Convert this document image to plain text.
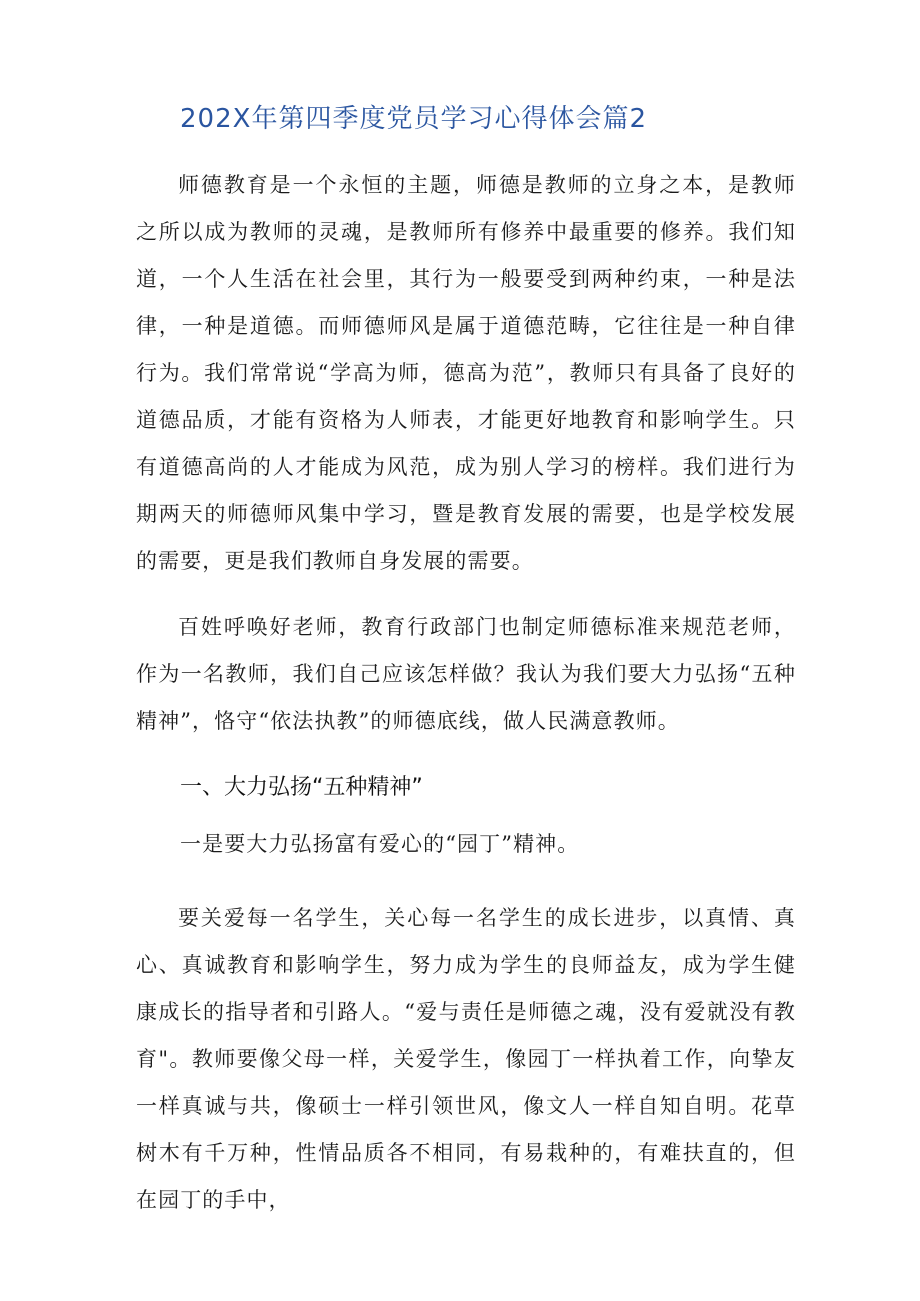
202X年第四季度党员学习心得体会篇2

师德教育是一个永恒的主题，师德是教师的立身之本，是教师之所以成为教师的灵魂，是教师所有修养中最重要的修养。我们知道，一个人生活在社会里，其行为一般要受到两种约束，一种是法律，一种是道德。而师德师风是属于道德范畴，它往往是一种自律行为。我们常常说“学高为师，德高为范”，教师只有具备了良好的道德品质，才能有资格为人师表，才能更好地教育和影响学生。只有道德高尚的人才能成为风范，成为别人学习的榜样。我们进行为期两天的师德师风集中学习，暨是教育发展的需要，也是学校发展的需要，更是我们教师自身发展的需要。

百姓呼唤好老师，教育行政部门也制定师德标准来规范老师，作为一名教师，我们自己应该怎样做？我认为我们要大力弘扬“五种精神”，恪守“依法执教”的师德底线，做人民满意教师。

一、大力弘扬“五种精神”
一是要大力弘扬富有爱心的“园丁”精神。

要关爱每一名学生，关心每一名学生的成长进步，以真情、真心、真诚教育和影响学生，努力成为学生的良师益友，成为学生健康成长的指导者和引路人。“爱与责任是师德之魂，没有爱就没有教育"。教师要像父母一样，关爱学生，像园丁一样执着工作，向挚友一样真诚与共，像硕士一样引领世风，像文人一样自知自明。花草树木有千万种，性情品质各不相同，有易栽种的，有难扶直的，但在园丁的手中，
